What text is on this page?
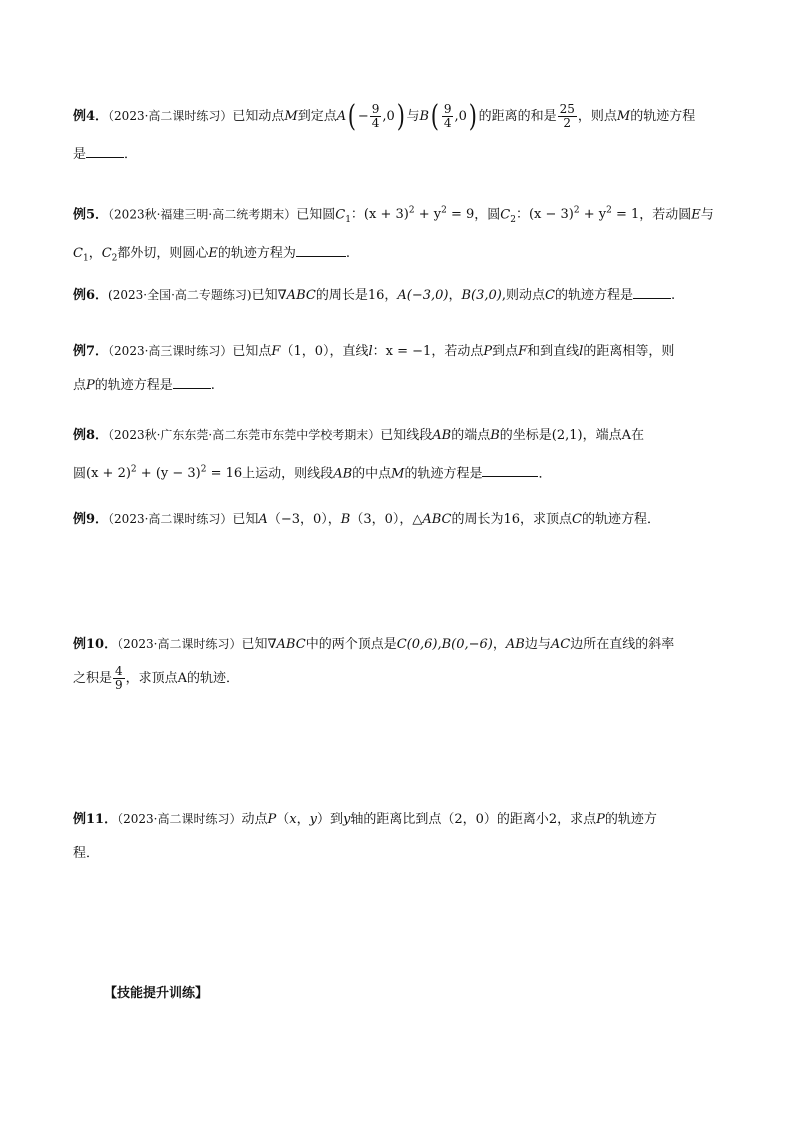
例4．（2023·高二课时练习）已知动点M到定点A ( − $\frac{9}{4} ,0$ ) 与B ( $\frac{9}{4} ,0$ ) 的距离的和是 $\frac{25}{2}$ ，则点M的轨迹方程
是	．
例5．（2023秋·福建三明·高二统考期末）已知圆$C_1$：$(x + 3)^2 + y^2 = 9$，圆$C_2$：$(x - 3)^2 + y^2 = 1$，若动圆E与
$C_1$，$C_2$都外切，则圆心E的轨迹方程为	.
例6．(2023·全国·高二专题练习)已知∇ABC的周长是16，A(−3,0)，B(3,0),则动点C的轨迹方程是	.
例7．（2023·高三课时练习）已知点F（1，0），直线l：x = −1，若动点P到点F和到直线l的距离相等，则
点P的轨迹方程是	.
例8．（2023秋·广东东莞·高二东莞市东莞中学校考期末）已知线段AB的端点B的坐标是(2,1)，端点A在
圆$(x + 2)^2 + (y - 3)^2 = 16$上运动，则线段AB的中点M的轨迹方程是	．
例9．（2023·高二课时练习）已知A（−3，0），B（3，0），△ABC的周长为16，求顶点C的轨迹方程．
例10．（2023·高二课时练习）已知∇ABC中的两个顶点是C(0,6),B(0,−6)，AB边与AC边所在直线的斜率
之积是 $\frac{4}{9}$ ，求顶点A的轨迹．
例11．（2023·高二课时练习）动点P（x，y）到y轴的距离比到点（2，0）的距离小2，求点P的轨迹方
程．
【技能提升训练】
